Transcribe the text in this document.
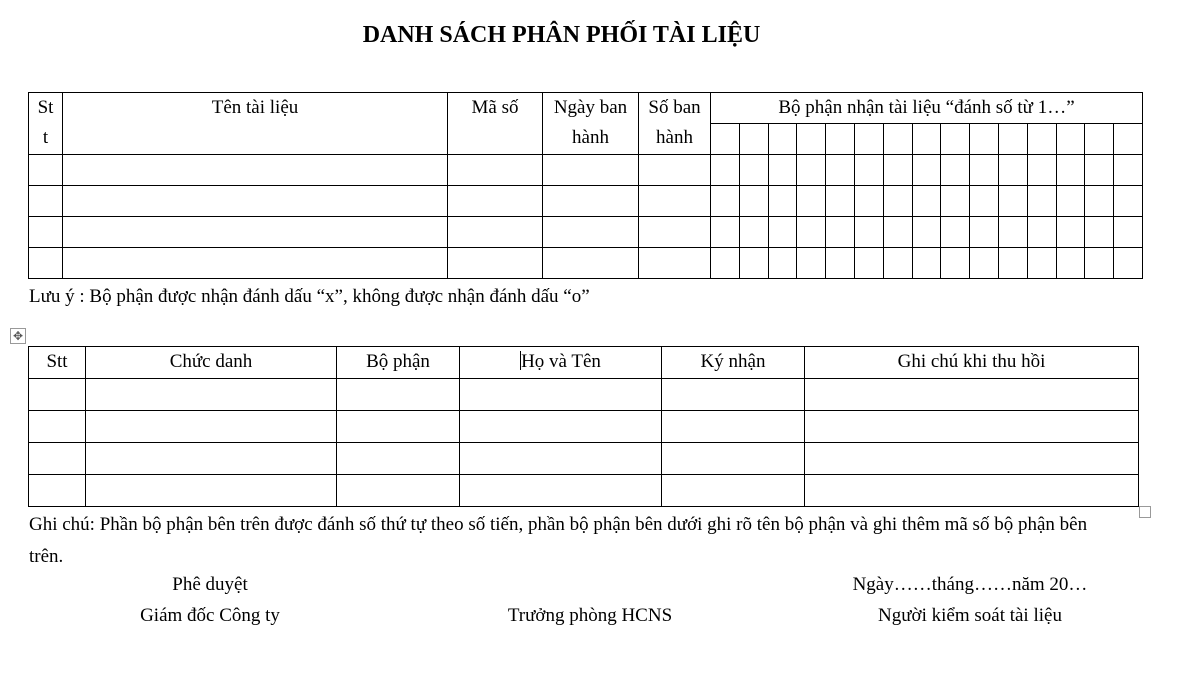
DANH SÁCH PHÂN PHỐI TÀI LIỆU
St
t	Tên tài liệu	Mã số	Ngày ban hành	Số ban hành	Bộ phận nhận tài liệu “đánh số từ 1…”														

Lưu ý : Bộ phận được nhận đánh dấu “x”, không được nhận đánh dấu “o”
✥
Stt	Chức danh	Bộ phận	Họ và Tên	Ký nhận	Ghi chú khi thu hồi

Ghi chú: Phần bộ phận bên trên được đánh số thứ tự theo số tiến, phần bộ phận bên dưới ghi rõ tên bộ phận và ghi thêm mã số bộ phận bên trên.
Phê duyệt
Giám đốc Công ty	Trưởng phòng HCNS
Ngày……tháng……năm 20…
Người kiểm soát tài liệu
